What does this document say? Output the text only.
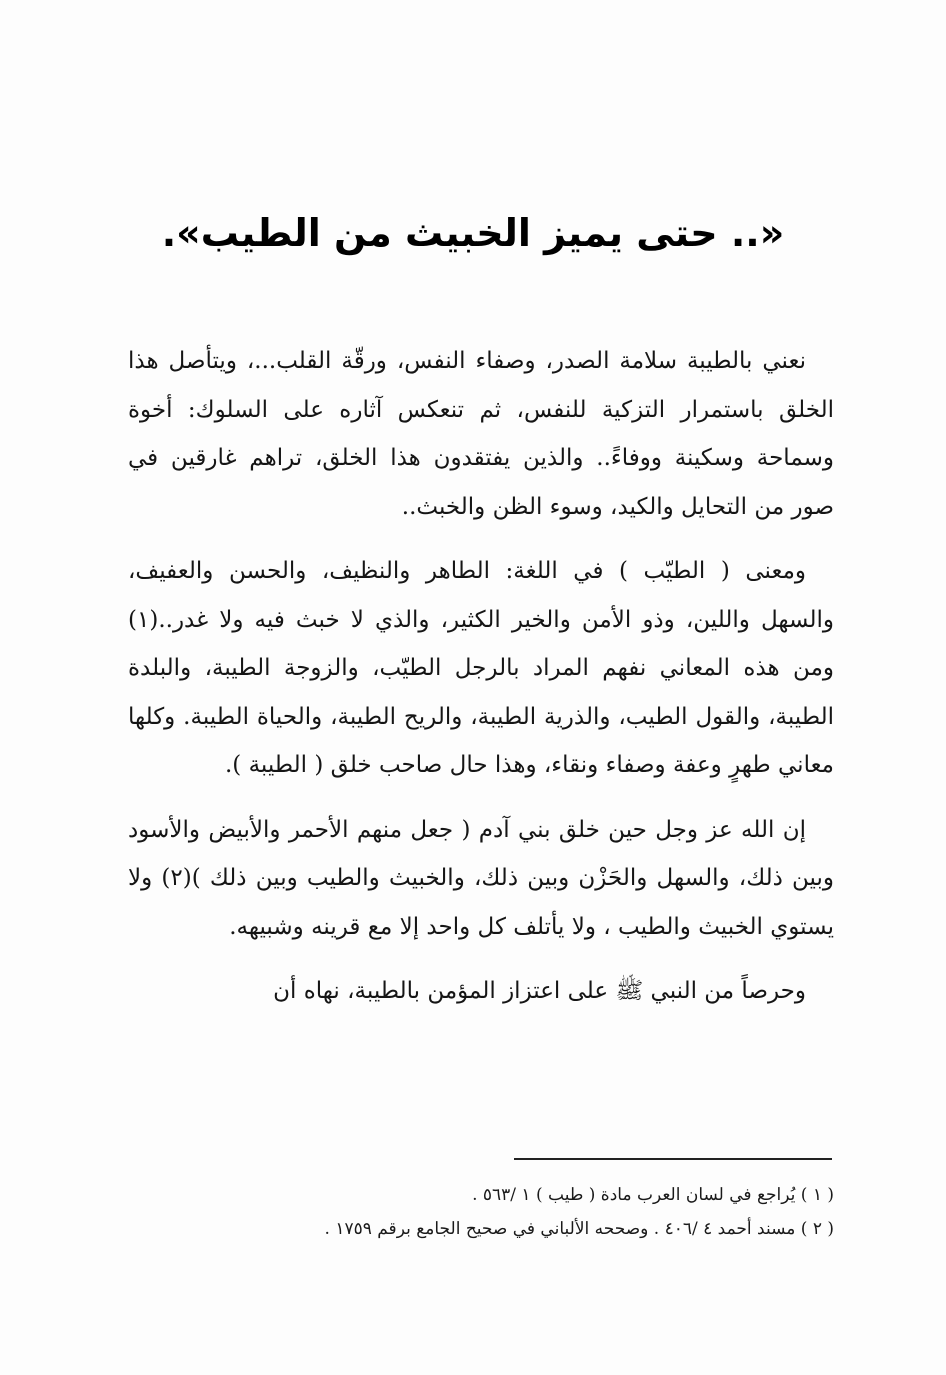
«.. حتى يميز الخبيث من الطيب».

نعني بالطيبة سلامة الصدر، وصفاء النفس، ورقّة القلب...، ويتأصل هذا الخلق باستمرار التزكية للنفس، ثم تنعكس آثاره على السلوك: أخوة وسماحة وسكينة ووفاءً.. والذين يفتقدون هذا الخلق، تراهم غارقين في صور من التحايل والكيد، وسوء الظن والخبث..

ومعنى ( الطيّب ) في اللغة: الطاهر والنظيف، والحسن والعفيف، والسهل واللين، وذو الأمن والخير الكثير، والذي لا خبث فيه ولا غدر..(١) ومن هذه المعاني نفهم المراد بالرجل الطيّب، والزوجة الطيبة، والبلدة الطيبة، والقول الطيب، والذرية الطيبة، والريح الطيبة، والحياة الطيبة. وكلها معاني طهرٍ وعفة وصفاء ونقاء، وهذا حال صاحب خلق ( الطيبة ).

إن الله عز وجل حين خلق بني آدم ( جعل منهم الأحمر والأبيض والأسود وبين ذلك، والسهل والحَزْن وبين ذلك، والخبيث والطيب وبين ذلك )(٢) ولا يستوي الخبيث والطيب ، ولا يأتلف كل واحد إلا مع قرينه وشبيهه.

وحرصاً من النبي ﷺ على اعتزاز المؤمن بالطيبة، نهاه أن

( ١ ) يُراجع في لسان العرب مادة ( طيب ) ١ /٥٦٣ .

( ٢ ) مسند أحمد ٤ /٤٠٦ . وصححه الألباني في صحيح الجامع برقم ١٧٥٩ .
